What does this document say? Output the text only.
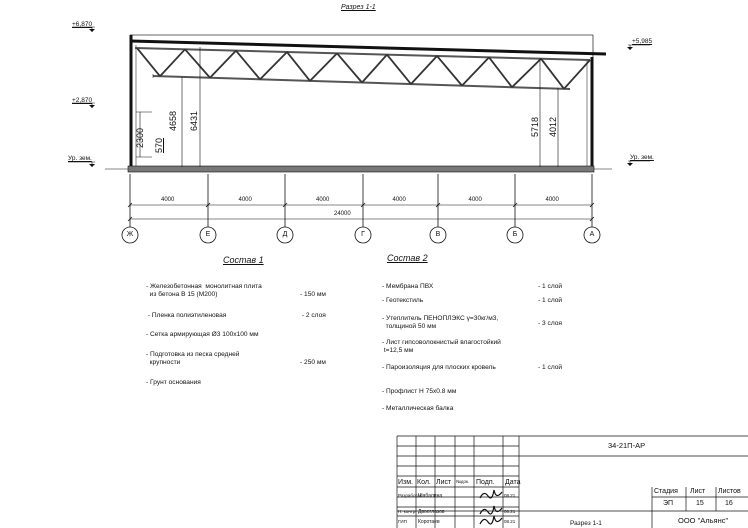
Разрез 1-1
+6,870
+2,870
Ур. зем.
+5,985
Ур. зем.
2300 570
4658 6431	5718 4012
4000	4000	4000	4000	4000	4000
24000
Ж	Е	Д	Г	В	Б	А
Состав 1	Состав 2
- Железобетонная  монолитная плита
из бетона В 15 (М200)	- 150 мм
- Пленка полиэтиленовая	- 2 слоя
- Сетка армирующая Ø3 100х100 мм
- Подготовка из песка средней
крупности	- 250 мм
- Грунт основания
- Мембрана ПВХ	- 1 слой
- Геотекстиль	- 1 слой
- Утеплитель ПЕНОПЛЭКС γ=30кг/м3,
толщиной 50 мм	- 3 слоя
- Лист гипсоволокнистый влагостойкий
t=12,5 мм
- Пароизоляция для плоских кровель	- 1 слой
- Профлист Н 75х0.8 мм
- Металлическая балка
34-21П-АР
Изм. Кол. Лист №док. Подп. Дата
Разработал
Шабалина	08.21
Н. контр. Двоеглазов	08.21
ГИП Коротаев	08.21
Стадия Лист Листов
ЭП	15	16
Разрез 1-1	ООО "Альянс"
